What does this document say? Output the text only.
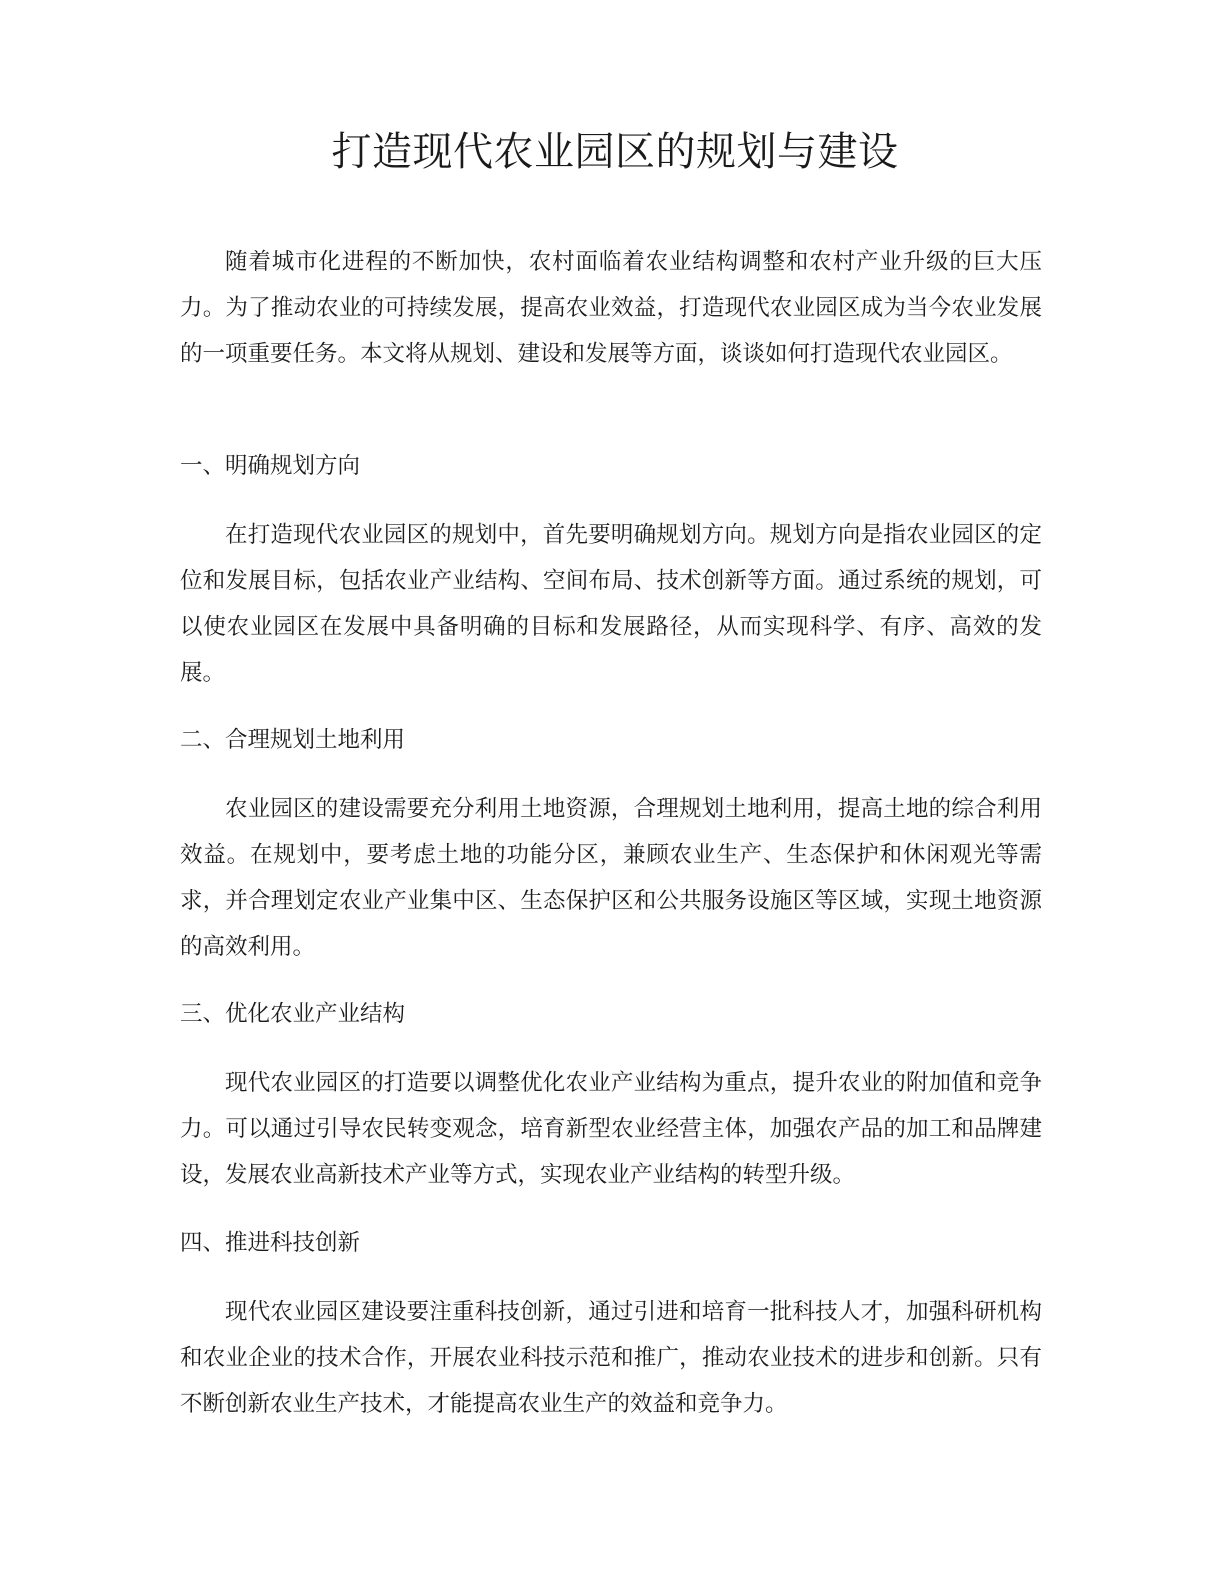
打造现代农业园区的规划与建设

随着城市化进程的不断加快，农村面临着农业结构调整和农村产业升级的巨大压力。为了推动农业的可持续发展，提高农业效益，打造现代农业园区成为当今农业发展的一项重要任务。本文将从规划、建设和发展等方面，谈谈如何打造现代农业园区。

一、明确规划方向

在打造现代农业园区的规划中，首先要明确规划方向。规划方向是指农业园区的定位和发展目标，包括农业产业结构、空间布局、技术创新等方面。通过系统的规划，可以使农业园区在发展中具备明确的目标和发展路径，从而实现科学、有序、高效的发展。

二、合理规划土地利用

农业园区的建设需要充分利用土地资源，合理规划土地利用，提高土地的综合利用效益。在规划中，要考虑土地的功能分区，兼顾农业生产、生态保护和休闲观光等需求，并合理划定农业产业集中区、生态保护区和公共服务设施区等区域，实现土地资源的高效利用。

三、优化农业产业结构

现代农业园区的打造要以调整优化农业产业结构为重点，提升农业的附加值和竞争力。可以通过引导农民转变观念，培育新型农业经营主体，加强农产品的加工和品牌建设，发展农业高新技术产业等方式，实现农业产业结构的转型升级。

四、推进科技创新

现代农业园区建设要注重科技创新，通过引进和培育一批科技人才，加强科研机构和农业企业的技术合作，开展农业科技示范和推广，推动农业技术的进步和创新。只有不断创新农业生产技术，才能提高农业生产的效益和竞争力。
